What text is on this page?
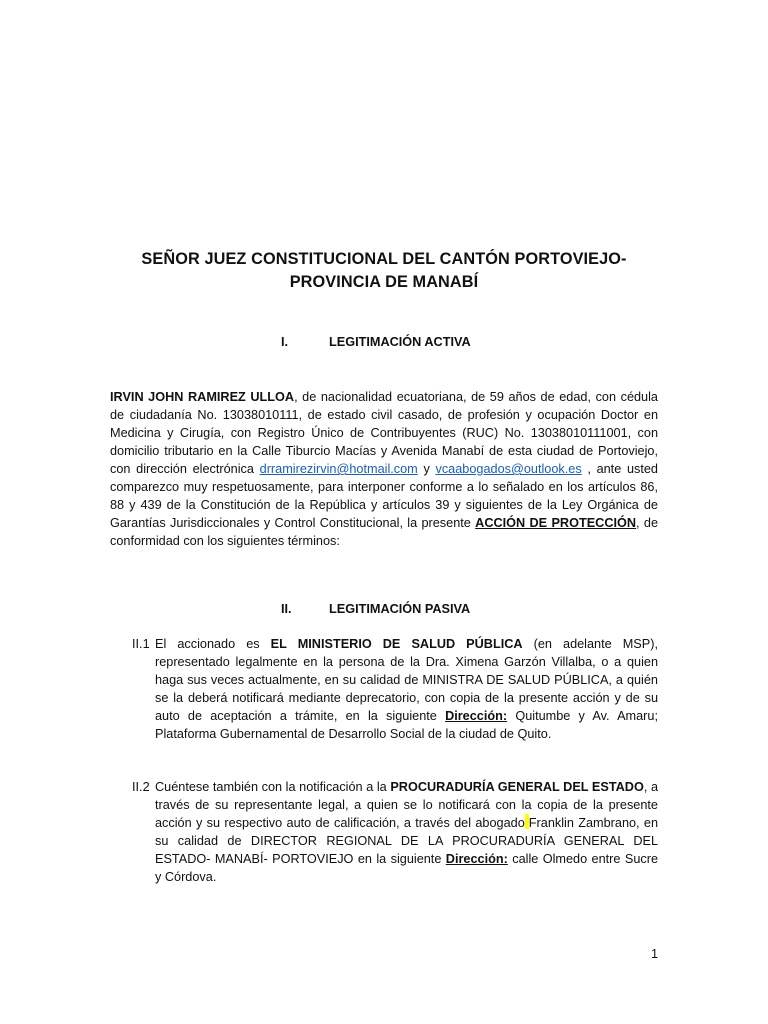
SEÑOR JUEZ CONSTITUCIONAL DEL CANTÓN PORTOVIEJO-
PROVINCIA DE MANABÍ
I.	LEGITIMACIÓN ACTIVA
IRVIN JOHN RAMIREZ ULLOA, de nacionalidad ecuatoriana, de 59 años de edad, con cédula de ciudadanía No. 13038010111, de estado civil casado, de profesión y ocupación Doctor en Medicina y Cirugía, con Registro Único de Contribuyentes (RUC) No. 13038010111001, con domicilio tributario en la Calle Tiburcio Macías y Avenida Manabí de esta ciudad de Portoviejo, con dirección electrónica drramirezirvin@hotmail.com y vcaabogados@outlook.es , ante usted comparezco muy respetuosamente, para interponer conforme a lo señalado en los artículos 86, 88 y 439 de la Constitución de la República y artículos 39 y siguientes de la Ley Orgánica de Garantías Jurisdiccionales y Control Constitucional, la presente ACCIÓN DE PROTECCIÓN, de conformidad con los siguientes términos:
II.	LEGITIMACIÓN PASIVA
II.1 El accionado es EL MINISTERIO DE SALUD PÚBLICA (en adelante MSP), representado legalmente en la persona de la Dra. Ximena Garzón Villalba, o a quien haga sus veces actualmente, en su calidad de MINISTRA DE SALUD PÚBLICA, a quién se la deberá notificará mediante deprecatorio, con copia de la presente acción y de su auto de aceptación a trámite, en la siguiente Dirección: Quitumbe y Av. Amaru; Plataforma Gubernamental de Desarrollo Social de la ciudad de Quito.
II.2 Cuéntese también con la notificación a la PROCURADURÍA GENERAL DEL ESTADO, a través de su representante legal, a quien se lo notificará con la copia de la presente acción y su respectivo auto de calificación, a través del abogado Franklin Zambrano, en su calidad de DIRECTOR REGIONAL DE LA PROCURADURÍA GENERAL DEL ESTADO- MANABÍ- PORTOVIEJO en la siguiente Dirección: calle Olmedo entre Sucre y Córdova.
1
